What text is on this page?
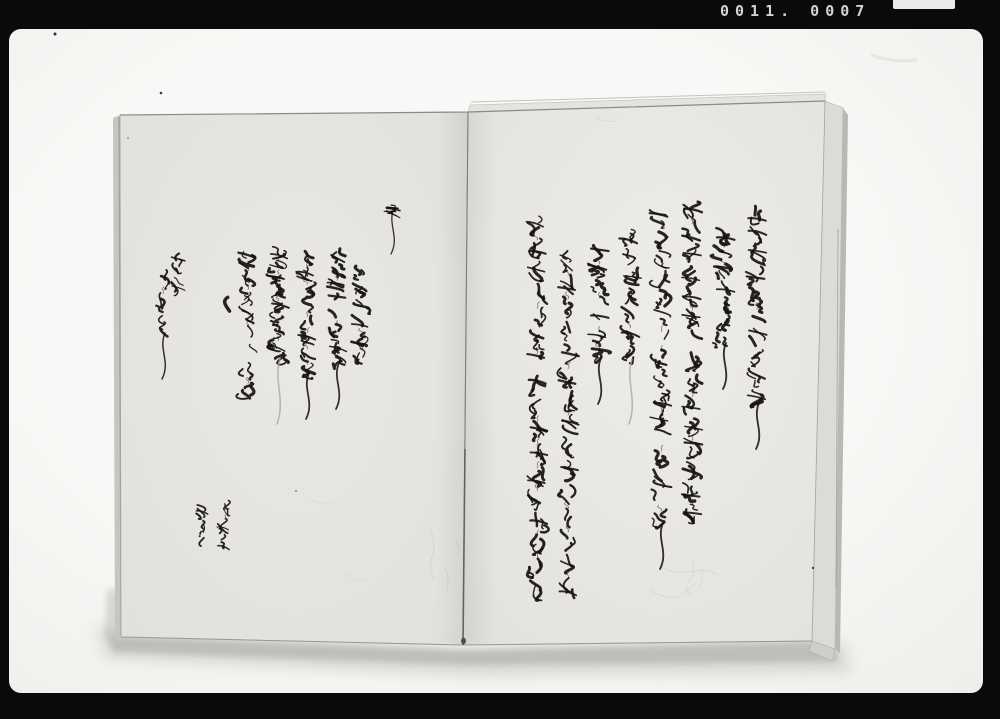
0011. 0007
